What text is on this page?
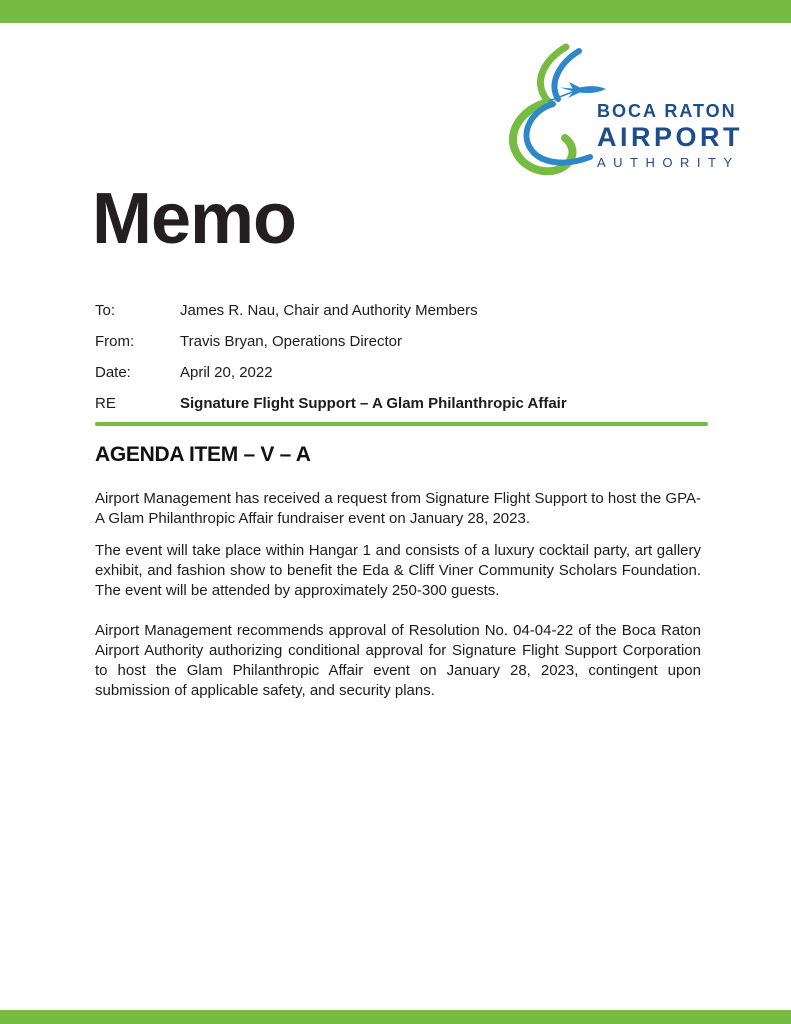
BOCA RATON
AIRPORT
AUTHORITY
Memo
To:	James R. Nau, Chair and Authority Members
From:	Travis Bryan, Operations Director
Date:	April 20, 2022
RE	Signature Flight Support – A Glam Philanthropic Affair
AGENDA ITEM – V – A

Airport Management has received a request from Signature Flight Support to host the GPA- A Glam Philanthropic Affair fundraiser event on January 28, 2023.

The event will take place within Hangar 1 and consists of a luxury cocktail party, art gallery exhibit, and fashion show to benefit the Eda & Cliff Viner Community Scholars Foundation. The event will be attended by approximately 250-300 guests.

Airport Management recommends approval of Resolution No. 04-04-22 of the Boca Raton Airport Authority authorizing conditional approval for Signature Flight Support Corporation to host the Glam Philanthropic Affair event on January 28, 2023, contingent upon submission of applicable safety, and security plans.
